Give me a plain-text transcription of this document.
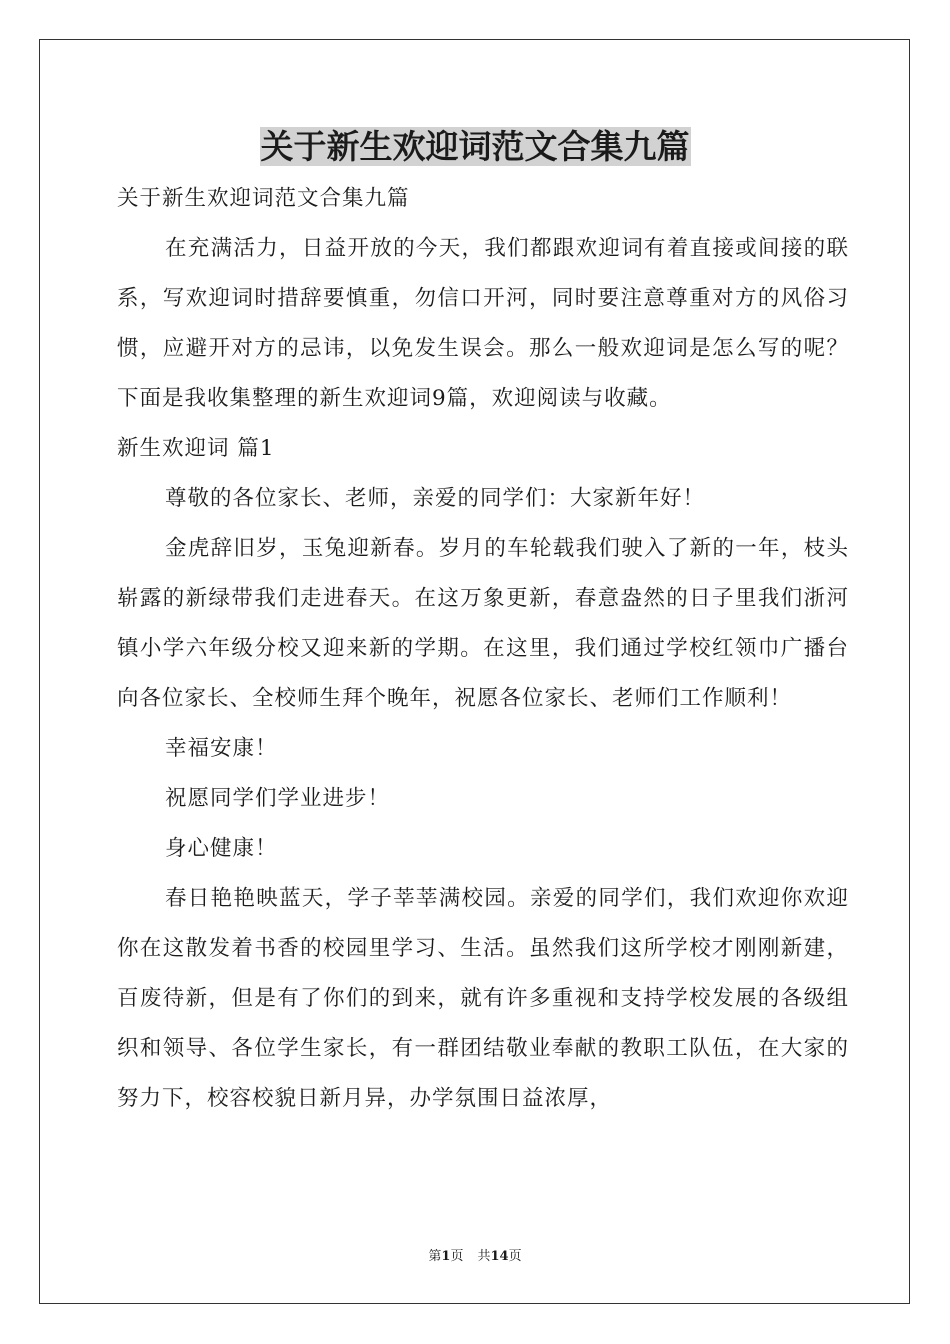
关于新生欢迎词范文合集九篇

关于新生欢迎词范文合集九篇

在充满活力，日益开放的今天，我们都跟欢迎词有着直接或间接的联系，写欢迎词时措辞要慎重，勿信口开河，同时要注意尊重对方的风俗习惯，应避开对方的忌讳，以免发生误会。那么一般欢迎词是怎么写的呢？下面是我收集整理的新生欢迎词9篇，欢迎阅读与收藏。

新生欢迎词 篇1

尊敬的各位家长、老师，亲爱的同学们：大家新年好！

金虎辞旧岁，玉兔迎新春。岁月的车轮载我们驶入了新的一年，枝头崭露的新绿带我们走进春天。在这万象更新，春意盎然的日子里我们浙河镇小学六年级分校又迎来新的学期。在这里，我们通过学校红领巾广播台向各位家长、全校师生拜个晚年，祝愿各位家长、老师们工作顺利！

幸福安康！

祝愿同学们学业进步！

身心健康！

春日艳艳映蓝天，学子莘莘满校园。亲爱的同学们，我们欢迎你欢迎你在这散发着书香的校园里学习、生活。虽然我们这所学校才刚刚新建，百废待新，但是有了你们的到来，就有许多重视和支持学校发展的各级组织和领导、各位学生家长，有一群团结敬业奉献的教职工队伍，在大家的努力下，校容校貌日新月异，办学氛围日益浓厚，

第1页 共14页
